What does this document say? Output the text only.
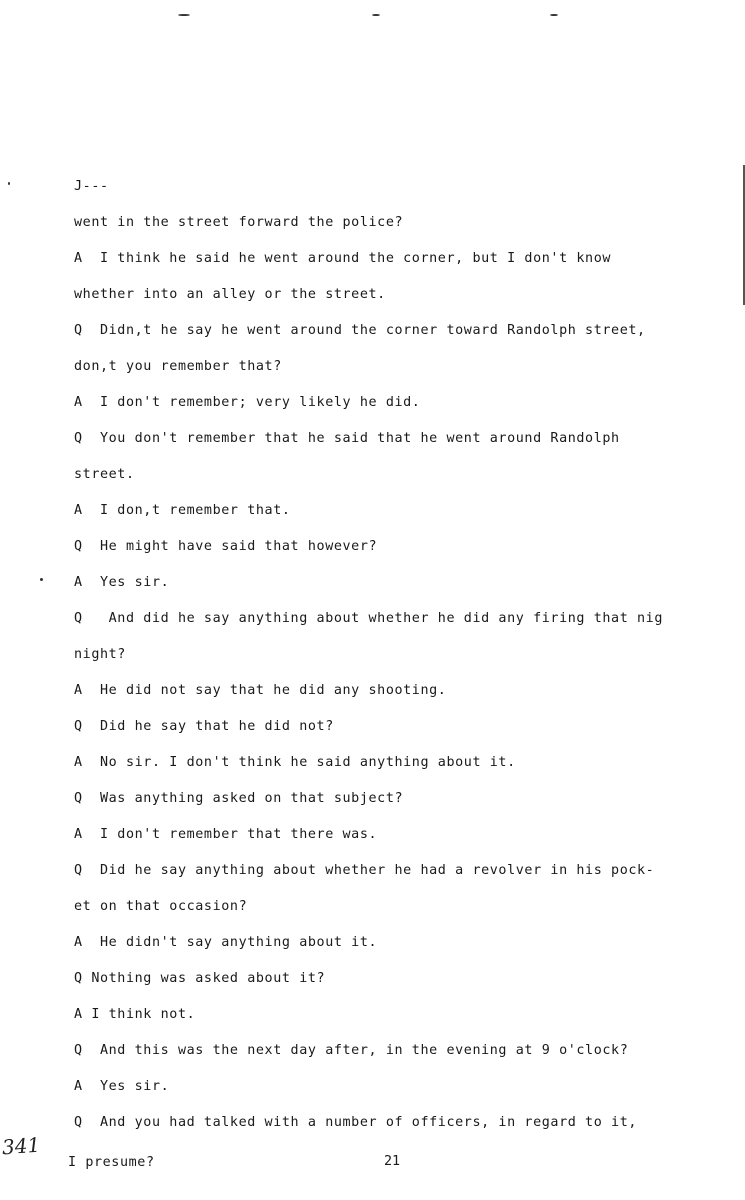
J---
went in the street forward the police?
A  I think he said he went around the corner, but I don't know
whether into an alley or the street.
Q  Didn,t he say he went around the corner toward Randolph street,
don,t you remember that?
A  I don't remember; very likely he did.
Q  You don't remember that he said that he went around Randolph
street.
A  I don,t remember that.
Q  He might have said that however?
A  Yes sir.
Q   And did he say anything about whether he did any firing that nig
night?
A  He did not say that he did any shooting.
Q  Did he say that he did not?
A  No sir. I don't think he said anything about it.
Q  Was anything asked on that subject?
A  I don't remember that there was.
Q  Did he say anything about whether he had a revolver in his pock-
et on that occasion?
A  He didn't say anything about it.
Q Nothing was asked about it?
A I think not.
Q  And this was the next day after, in the evening at 9 o'clock?
A  Yes sir.
Q  And you had talked with a number of officers, in regard to it,
I presume?	21
341
